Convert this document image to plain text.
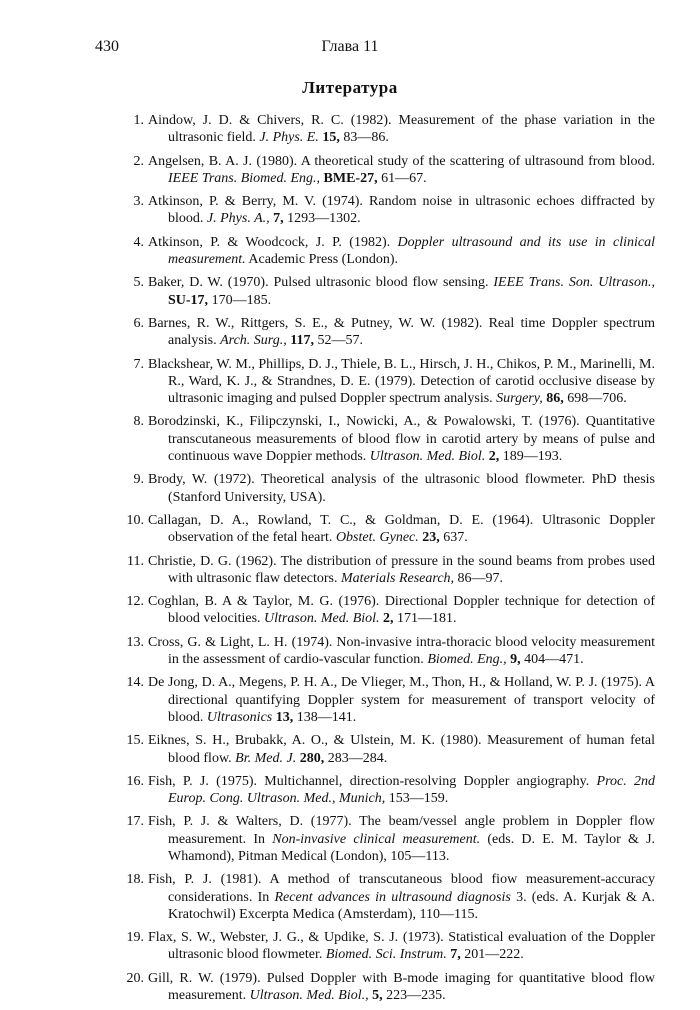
430	Глава 11
Литература
1. Aindow, J. D. & Chivers, R. C. (1982). Measurement of the phase variation in the ultrasonic field. J. Phys. E. 15, 83—86.
2. Angelsen, B. A. J. (1980). A theoretical study of the scattering of ultrasound from blood. IEEE Trans. Biomed. Eng., BME-27, 61—67.
3. Atkinson, P. & Berry, M. V. (1974). Random noise in ultrasonic echoes diffracted by blood. J. Phys. A., 7, 1293—1302.
4. Atkinson, P. & Woodcock, J. P. (1982). Doppler ultrasound and its use in clinical measurement. Academic Press (London).
5. Baker, D. W. (1970). Pulsed ultrasonic blood flow sensing. IEEE Trans. Son. Ultrason., SU-17, 170—185.
6. Barnes, R. W., Rittgers, S. E., & Putney, W. W. (1982). Real time Doppler spectrum analysis. Arch. Surg., 117, 52—57.
7. Blackshear, W. M., Phillips, D. J., Thiele, B. L., Hirsch, J. H., Chikos, P. M., Marinelli, M. R., Ward, K. J., & Strandnes, D. E. (1979). Detection of carotid occlusive disease by ultrasonic imaging and pulsed Doppler spectrum analysis. Surgery, 86, 698—706.
8. Borodzinski, K., Filipczynski, I., Nowicki, A., & Powalowski, T. (1976). Quantitative transcutaneous measurements of blood flow in carotid artery by means of pulse and continuous wave Doppier methods. Ultrason. Med. Biol. 2, 189—193.
9. Brody, W. (1972). Theoretical analysis of the ultrasonic blood flowmeter. PhD thesis (Stanford University, USA).
10. Callagan, D. A., Rowland, T. C., & Goldman, D. E. (1964). Ultrasonic Doppler observation of the fetal heart. Obstet. Gynec. 23, 637.
11. Christie, D. G. (1962). The distribution of pressure in the sound beams from probes used with ultrasonic flaw detectors. Materials Research, 86—97.
12. Coghlan, B. A & Taylor, M. G. (1976). Directional Doppler technique for detection of blood velocities. Ultrason. Med. Biol. 2, 171—181.
13. Cross, G. & Light, L. H. (1974). Non-invasive intra-thoracic blood velocity measurement in the assessment of cardio-vascular function. Biomed. Eng., 9, 404—471.
14. De Jong, D. A., Megens, P. H. A., De Vlieger, M., Thon, H., & Holland, W. P. J. (1975). A directional quantifying Doppler system for measurement of transport velocity of blood. Ultrasonics 13, 138—141.
15. Eiknes, S. H., Brubakk, A. O., & Ulstein, M. K. (1980). Measurement of human fetal blood flow. Br. Med. J. 280, 283—284.
16. Fish, P. J. (1975). Multichannel, direction-resolving Doppler angiography. Proc. 2nd Europ. Cong. Ultrason. Med., Munich, 153—159.
17. Fish, P. J. & Walters, D. (1977). The beam/vessel angle problem in Doppler flow measurement. In Non-invasive clinical measurement. (eds. D. E. M. Taylor & J. Whamond), Pitman Medical (London), 105—113.
18. Fish, P. J. (1981). A method of transcutaneous blood fiow measurement-accuracy considerations. In Recent advances in ultrasound diagnosis 3. (eds. A. Kurjak & A. Kratochwil) Excerpta Medica (Amsterdam), 110—115.
19. Flax, S. W., Webster, J. G., & Updike, S. J. (1973). Statistical evaluation of the Doppler ultrasonic blood flowmeter. Biomed. Sci. Instrum. 7, 201—222.
20. Gill, R. W. (1979). Pulsed Doppler with B-mode imaging for quantitative blood flow measurement. Ultrason. Med. Biol., 5, 223—235.
